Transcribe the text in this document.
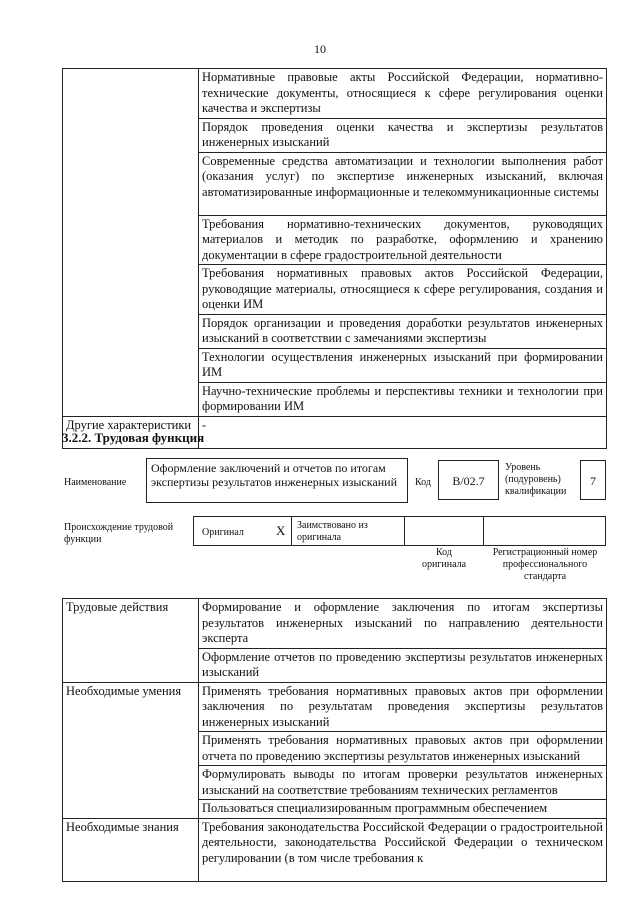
10
	Нормативные правовые акты Российской Федерации, нормативно-технические документы, относящиеся к сфере регулирования оценки качества и экспертизы
	Порядок проведения оценки качества и экспертизы результатов инженерных изысканий
	Современные средства автоматизации и технологии выполнения работ (оказания услуг) по экспертизе инженерных изысканий, включая автоматизированные информационные и телекоммуникационные системы
	Требования нормативно-технических документов, руководящих материалов и методик по разработке, оформлению и хранению документации в сфере градостроительной деятельности
	Требования нормативных правовых актов Российской Федерации, руководящие материалы, относящиеся к сфере регулирования, создания и оценки ИМ
	Порядок организации и проведения доработки результатов инженерных изысканий в соответствии с замечаниями экспертизы
	Технологии осуществления инженерных изысканий при формировании ИМ
	Научно-технические проблемы и перспективы техники и технологии при формировании ИМ
Другие характеристики	-
3.2.2. Трудовая функция
Наименование
Оформление заключений и отчетов по итогам экспертизы результатов инженерных изысканий	Код	B/02.7
Уровень (подуровень) квалификации
7
Происхождение трудовой функции
Оригинал X Заимствовано из оригинала
Код оригинала
Регистрационный номер профессионального стандарта
Трудовые действия	Формирование и оформление заключения по итогам экспертизы результатов инженерных изысканий по направлению деятельности эксперта
	Оформление отчетов по проведению экспертизы результатов инженерных изысканий
Необходимые умения	Применять требования нормативных правовых актов при оформлении заключения по результатам проведения экспертизы результатов инженерных изысканий
	Применять требования нормативных правовых актов при оформлении отчета по проведению экспертизы результатов инженерных изысканий
	Формулировать выводы по итогам проверки результатов инженерных изысканий на соответствие требованиям технических регламентов
	Пользоваться специализированным программным обеспечением
Необходимые знания	Требования законодательства Российской Федерации о градостроительной деятельности, законодательства Российской Федерации о техническом регулировании (в том числе требования к
